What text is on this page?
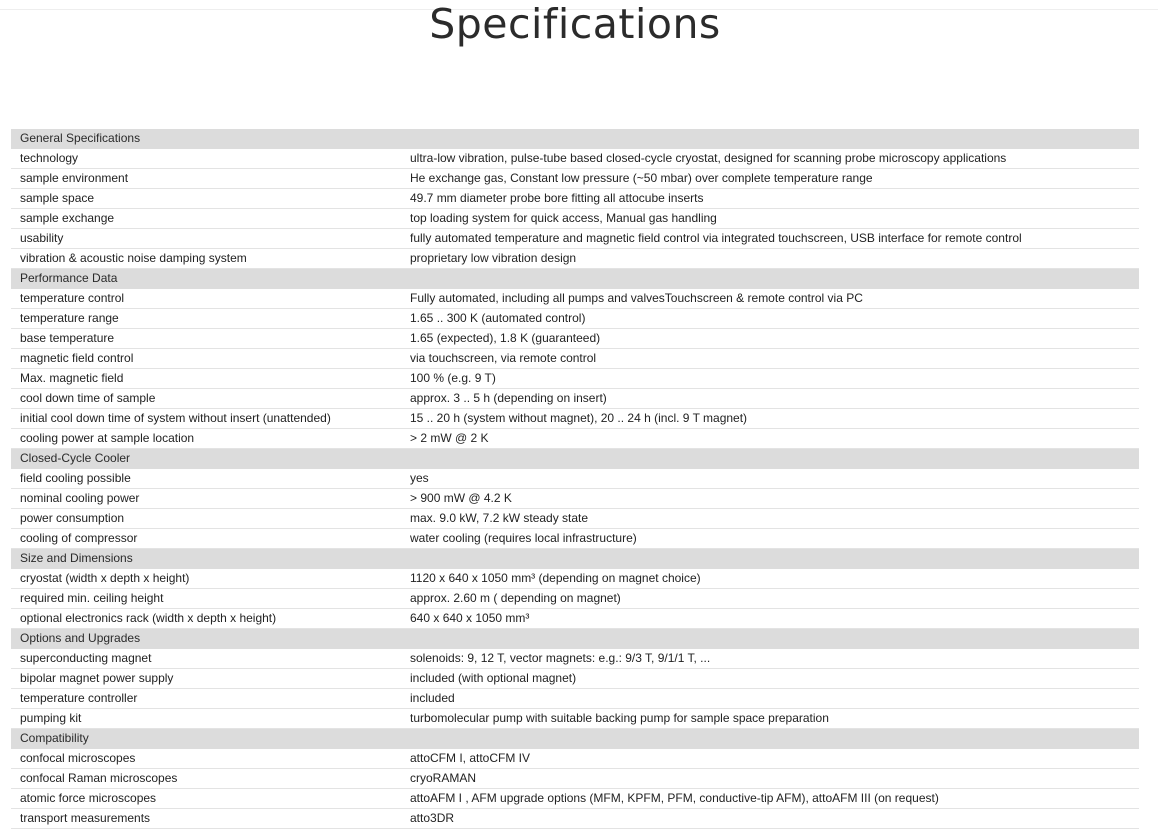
Specifications
General Specifications	
technology	ultra-low vibration, pulse-tube based closed-cycle cryostat, designed for scanning probe microscopy applications
sample environment	He exchange gas, Constant low pressure (~50 mbar) over complete temperature range
sample space	49.7 mm diameter probe bore fitting all attocube inserts
sample exchange	top loading system for quick access, Manual gas handling
usability	fully automated temperature and magnetic field control via integrated touchscreen, USB interface for remote control
vibration & acoustic noise damping system	proprietary low vibration design
Performance Data	
temperature control	Fully automated, including all pumps and valvesTouchscreen & remote control via PC
temperature range	1.65 .. 300 K (automated control)
base temperature	1.65 (expected), 1.8 K (guaranteed)
magnetic field control	via touchscreen, via remote control
Max. magnetic field	100 % (e.g. 9 T)
cool down time of sample	approx. 3 .. 5 h (depending on insert)
initial cool down time of system without insert (unattended)	15 .. 20 h (system without magnet), 20 .. 24 h (incl. 9 T magnet)
cooling power at sample location	> 2 mW @ 2 K
Closed-Cycle Cooler	
field cooling possible	yes
nominal cooling power	> 900 mW @ 4.2 K
power consumption	max. 9.0 kW, 7.2 kW steady state
cooling of compressor	water cooling (requires local infrastructure)
Size and Dimensions	
cryostat (width x depth x height)	1120 x 640 x 1050 mm³ (depending on magnet choice)
required min. ceiling height	approx. 2.60 m ( depending on magnet)
optional electronics rack (width x depth x height)	640 x 640 x 1050 mm³
Options and Upgrades	
superconducting magnet	solenoids: 9, 12 T, vector magnets: e.g.: 9/3 T, 9/1/1 T, ...
bipolar magnet power supply	included (with optional magnet)
temperature controller	included
pumping kit	turbomolecular pump with suitable backing pump for sample space preparation
Compatibility	
confocal microscopes	attoCFM I, attoCFM IV
confocal Raman microscopes	cryoRAMAN
atomic force microscopes	attoAFM I , AFM upgrade options (MFM, KPFM, PFM, conductive-tip AFM), attoAFM III (on request)
transport measurements	atto3DR
